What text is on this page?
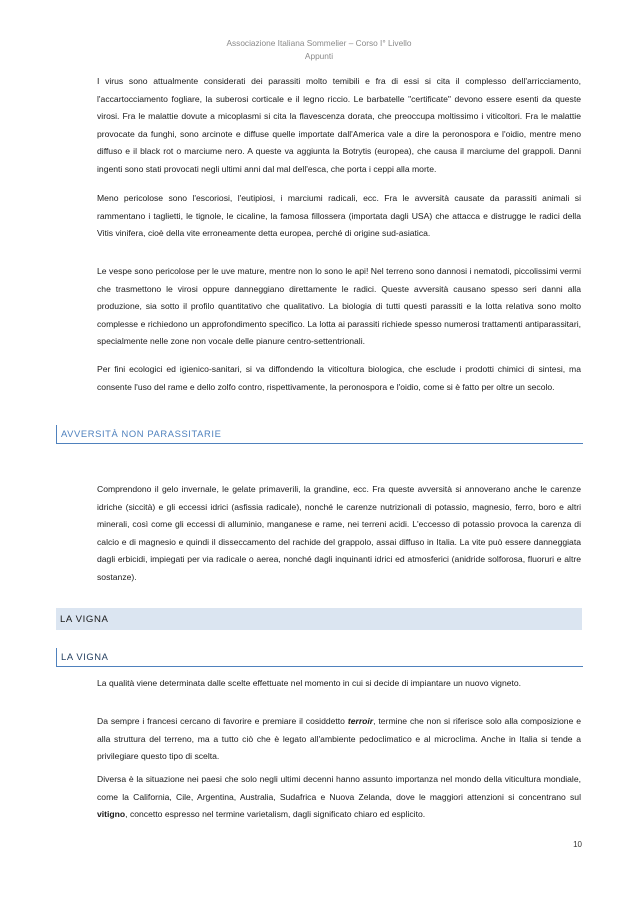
Associazione Italiana Sommelier – Corso I° Livello
Appunti

I virus sono attualmente considerati dei parassiti molto temibili e fra di essi si cita il complesso dell'arricciamento, l'accartocciamento fogliare, la suberosi corticale e il legno riccio. Le barbatelle "certificate" devono essere esenti da queste virosi. Fra le malattie dovute a micoplasmi si cita la flavescenza dorata, che preoccupa moltissimo i viticoltori. Fra le malattie provocate da funghi, sono arcinote e diffuse quelle importate dall'America vale a dire la peronospora e l'oidio, mentre meno diffuso e il black rot o marciume nero. A queste va aggiunta la Botrytis (europea), che causa il marciume del grappoli. Danni ingenti sono stati provocati negli ultimi anni dal mal dell'esca, che porta i ceppi alla morte.

Meno pericolose sono l'escoriosi, l'eutipiosi, i marciumi radicali, ecc. Fra le avversità causate da parassiti animali si rammentano i taglietti, le tignole, le cicaline, la famosa fillossera (importata dagli USA) che attacca e distrugge le radici della Vitis vinifera, cioè della vite erroneamente detta europea, perché di origine sud-asiatica.

Le vespe sono pericolose per le uve mature, mentre non lo sono le api! Nel terreno sono dannosi i nematodi, piccolissimi vermi che trasmettono le virosi oppure danneggiano direttamente le radici. Queste avversità causano spesso seri danni alla produzione, sia sotto il profilo quantitativo che qualitativo. La biologia di tutti questi parassiti e la lotta relativa sono molto complesse e richiedono un approfondimento specifico. La lotta ai parassiti richiede spesso numerosi trattamenti antiparassitari, specialmente nelle zone non vocale delle pianure centro-settentrionali.

Per fini ecologici ed igienico-sanitari, si va diffondendo la viticoltura biologica, che esclude i prodotti chimici di sintesi, ma consente l'uso del rame e dello zolfo contro, rispettivamente, la peronospora e l'oidio, come si è fatto per oltre un secolo.

AVVERSITÀ NON PARASSITARIE

Comprendono il gelo invernale, le gelate primaverili, la grandine, ecc. Fra queste avversità si annoverano anche le carenze idriche (siccità) e gli eccessi idrici (asfissia radicale), nonché le carenze nutrizionali di potassio, magnesio, ferro, boro e altri minerali, così come gli eccessi di alluminio, manganese e rame, nei terreni acidi. L'eccesso di potassio provoca la carenza di calcio e di magnesio e quindi il disseccamento del rachide del grappolo, assai diffuso in Italia. La vite può essere danneggiata dagli erbicidi, impiegati per via radicale o aerea, nonché dagli inquinanti idrici ed atmosferici (anidride solforosa, fluoruri e altre sostanze).

LA VIGNA
LA VIGNA

La qualità viene determinata dalle scelte effettuate nel momento in cui si decide di impiantare un nuovo vigneto.

Da sempre i francesi cercano di favorire e premiare il cosiddetto terroir, termine che non si riferisce solo alla composizione e alla struttura del terreno, ma a tutto ciò che è legato all'ambiente pedoclimatico e al microclima. Anche in Italia si tende a privilegiare questo tipo di scelta.

Diversa è la situazione nei paesi che solo negli ultimi decenni hanno assunto importanza nel mondo della viticultura mondiale, come la California, Cile, Argentina, Australia, Sudafrica e Nuova Zelanda, dove le maggiori attenzioni si concentrano sul vitigno, concetto espresso nel termine varietalism, dagli significato chiaro ed esplicito.

10
